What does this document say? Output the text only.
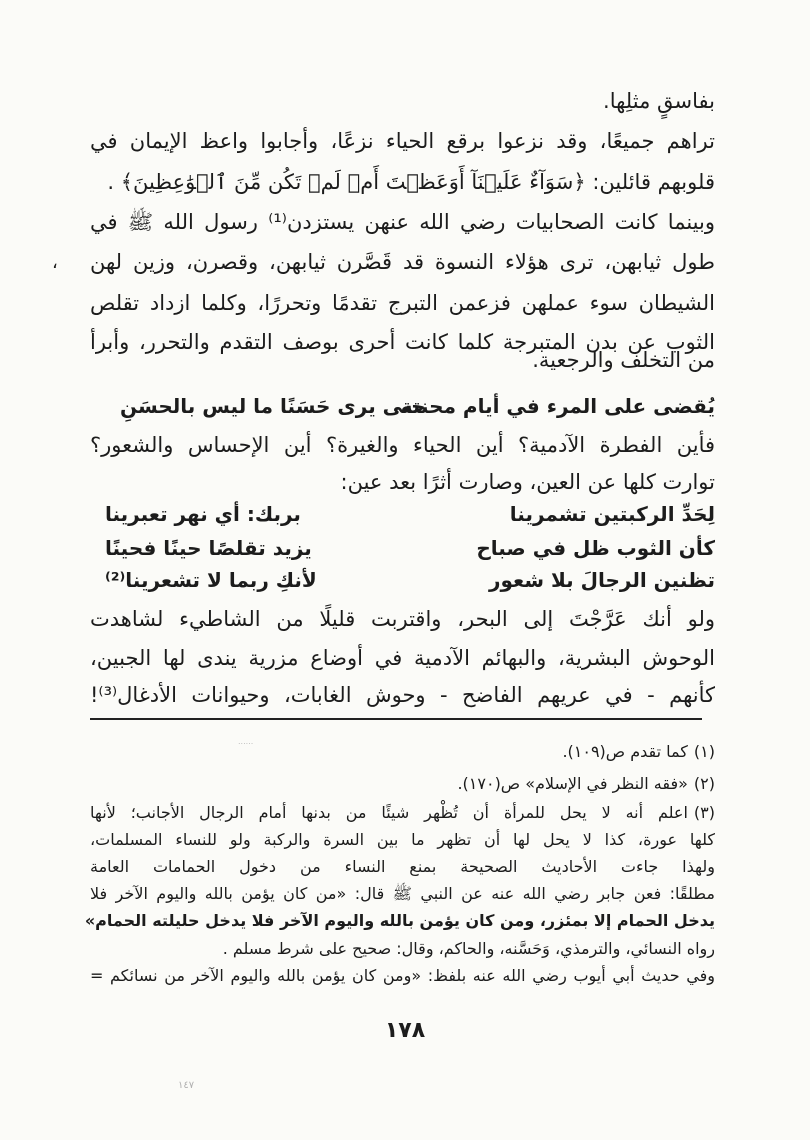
بفاسقٍ مثلِها.
تراهم جميعًا، وقد نزعوا برقع الحياء نزعًا، وأجابوا واعظ الإيمان في
قلوبهم قائلين: ﴿سَوَآءٌ عَلَيۡنَآ أَوَعَظۡتَ أَمۡ لَمۡ تَكُن مِّنَ ٱلۡوَٰعِظِينَ﴾ .
وبينما كانت الصحابيات رضي الله عنهن يستزدن⁽¹⁾ رسول الله ﷺ في
طول ثيابهن، ترى هؤلاء النسوة قد قَصَّرن ثيابهن، وقصرن، وزين لهن
الشيطان سوء عملهن فزعمن التبرج تقدمًا وتحررًا، وكلما ازداد تقلص
الثوب عن بدن المتبرجة كلما كانت أحرى بوصف التقدم والتحرر، وأبرأ
من التخلف والرجعية.
يُقضى على المرء في أيام محنته
حتى يرى حَسَنًا ما ليس بالحسَنِ
فأين الفطرة الآدمية؟ أين الحياء والغيرة؟ أين الإحساس والشعور؟
توارت كلها عن العين، وصارت أثرًا بعد عين:
لِحَدِّ الركبتين تشمرينا
بربك: أي نهر تعبرينا
كأن الثوب ظل في صباح
يزيد تقلصًا حينًا فحينًا
تظنين الرجالَ بلا شعور
لأنكِ ربما لا تشعرينا⁽²⁾
ولو أنك عَرَّجْتَ إلى البحر، واقتربت قليلًا من الشاطيء لشاهدت
الوحوش البشرية، والبهائم الآدمية في أوضاع مزرية يندى لها الجبين،
كأنهم - في عريهم الفاضح - وحوش الغابات، وحيوانات الأدغال⁽³⁾!
......
(١)كما تقدم ص(١٠٩).
(٢)«فقه النظر في الإسلام» ص(١٧٠).
(٣)اعلم أنه لا يحل للمرأة أن تُظْهر شيئًا من بدنها أمام الرجال الأجانب؛ لأنها
كلها عورة، كذا لا يحل لها أن تظهر ما بين السرة والركبة ولو للنساء المسلمات،
ولهذا جاءت الأحاديث الصحيحة بمنع النساء من دخول الحمامات العامة
مطلقًا: فعن جابر رضي الله عنه عن النبي ﷺ قال: «من كان يؤمن بالله واليوم الآخر فلا
يدخل الحمام إلا بمئزر، ومن كان يؤمن بالله واليوم الآخر فلا يدخل حليلته الحمام»
رواه النسائي، والترمذي، وَحَسَّنه، والحاكم، وقال: صحيح على شرط مسلم .
وفي حديث أبي أيوب رضي الله عنه بلفظ: «ومن كان يؤمن بالله واليوم الآخر من نسائكم =
١٧٨
١٤٧
،
